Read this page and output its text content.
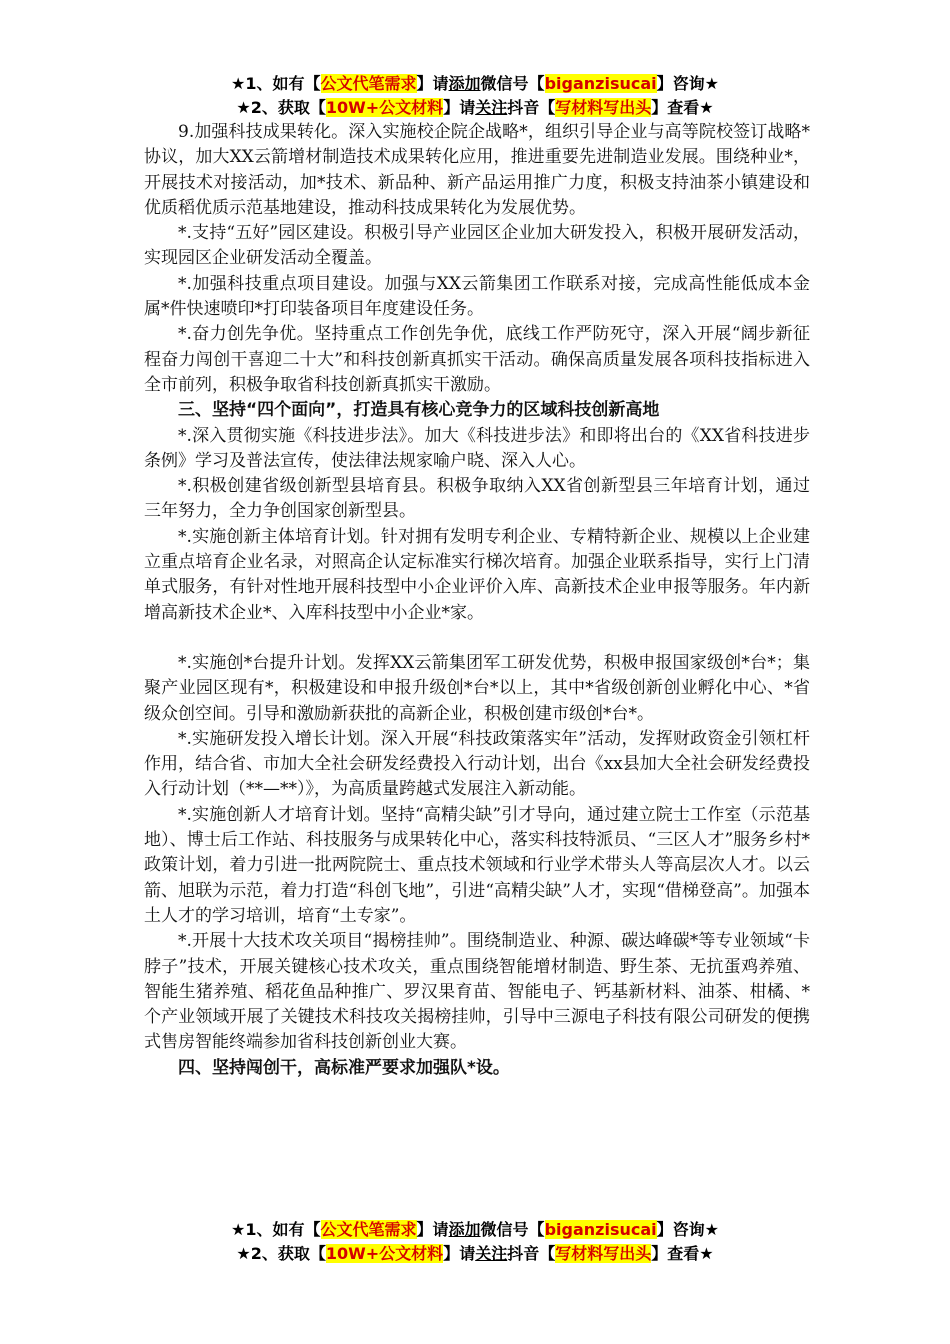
★1、如有【公文代笔需求】请添加微信号【biganzisucai】咨询★
★2、获取【10W+公文材料】请关注抖音【写材料写出头】查看★

9.加强科技成果转化。深入实施校企院企战略*，组织引导企业与高等院校签订战略*协议，加大XX云箭增材制造技术成果转化应用，推进重要先进制造业发展。围绕种业*，开展技术对接活动，加*技术、新品种、新产品运用推广力度，积极支持油茶小镇建设和优质稻优质示范基地建设，推动科技成果转化为发展优势。

*.支持“五好”园区建设。积极引导产业园区企业加大研发投入，积极开展研发活动，实现园区企业研发活动全覆盖。

*.加强科技重点项目建设。加强与XX云箭集团工作联系对接，完成高性能低成本金属*件快速喷印*打印装备项目年度建设任务。

*.奋力创先争优。坚持重点工作创先争优，底线工作严防死守，深入开展“阔步新征程奋力闯创干喜迎二十大”和科技创新真抓实干活动。确保高质量发展各项科技指标进入全市前列，积极争取省科技创新真抓实干激励。

三、坚持“四个面向”，打造具有核心竞争力的区域科技创新高地

*.深入贯彻实施《科技进步法》。加大《科技进步法》和即将出台的《XX省科技进步条例》学习及普法宣传，使法律法规家喻户晓、深入人心。

*.积极创建省级创新型县培育县。积极争取纳入XX省创新型县三年培育计划，通过三年努力，全力争创国家创新型县。

*.实施创新主体培育计划。针对拥有发明专利企业、专精特新企业、规模以上企业建立重点培育企业名录，对照高企认定标准实行梯次培育。加强企业联系指导，实行上门清单式服务，有针对性地开展科技型中小企业评价入库、高新技术企业申报等服务。年内新增高新技术企业*、入库科技型中小企业*家。

*.实施创*台提升计划。发挥XX云箭集团军工研发优势，积极申报国家级创*台*；集聚产业园区现有*，积极建设和申报升级创*台*以上，其中*省级创新创业孵化中心、*省级众创空间。引导和激励新获批的高新企业，积极创建市级创*台*。

*.实施研发投入增长计划。深入开展“科技政策落实年”活动，发挥财政资金引领杠杆作用，结合省、市加大全社会研发经费投入行动计划，出台《xx县加大全社会研发经费投入行动计划（**—**）》，为高质量跨越式发展注入新动能。

*.实施创新人才培育计划。坚持“高精尖缺”引才导向，通过建立院士工作室（示范基地）、博士后工作站、科技服务与成果转化中心，落实科技特派员、“三区人才”服务乡村*政策计划，着力引进一批两院院士、重点技术领域和行业学术带头人等高层次人才。以云箭、旭联为示范，着力打造“科创飞地”，引进“高精尖缺”人才，实现“借梯登高”。加强本土人才的学习培训，培育“土专家”。

*.开展十大技术攻关项目“揭榜挂帅”。围绕制造业、种源、碳达峰碳*等专业领域“卡脖子”技术，开展关键核心技术攻关，重点围绕智能增材制造、野生茶、无抗蛋鸡养殖、智能生猪养殖、稻花鱼品种推广、罗汉果育苗、智能电子、钙基新材料、油茶、柑橘、*个产业领域开展了关键技术科技攻关揭榜挂帅，引导中三源电子科技有限公司研发的便携式售房智能终端参加省科技创新创业大赛。

四、坚持闯创干，高标准严要求加强队*设。

★1、如有【公文代笔需求】请添加微信号【biganzisucai】咨询★
★2、获取【10W+公文材料】请关注抖音【写材料写出头】查看★
